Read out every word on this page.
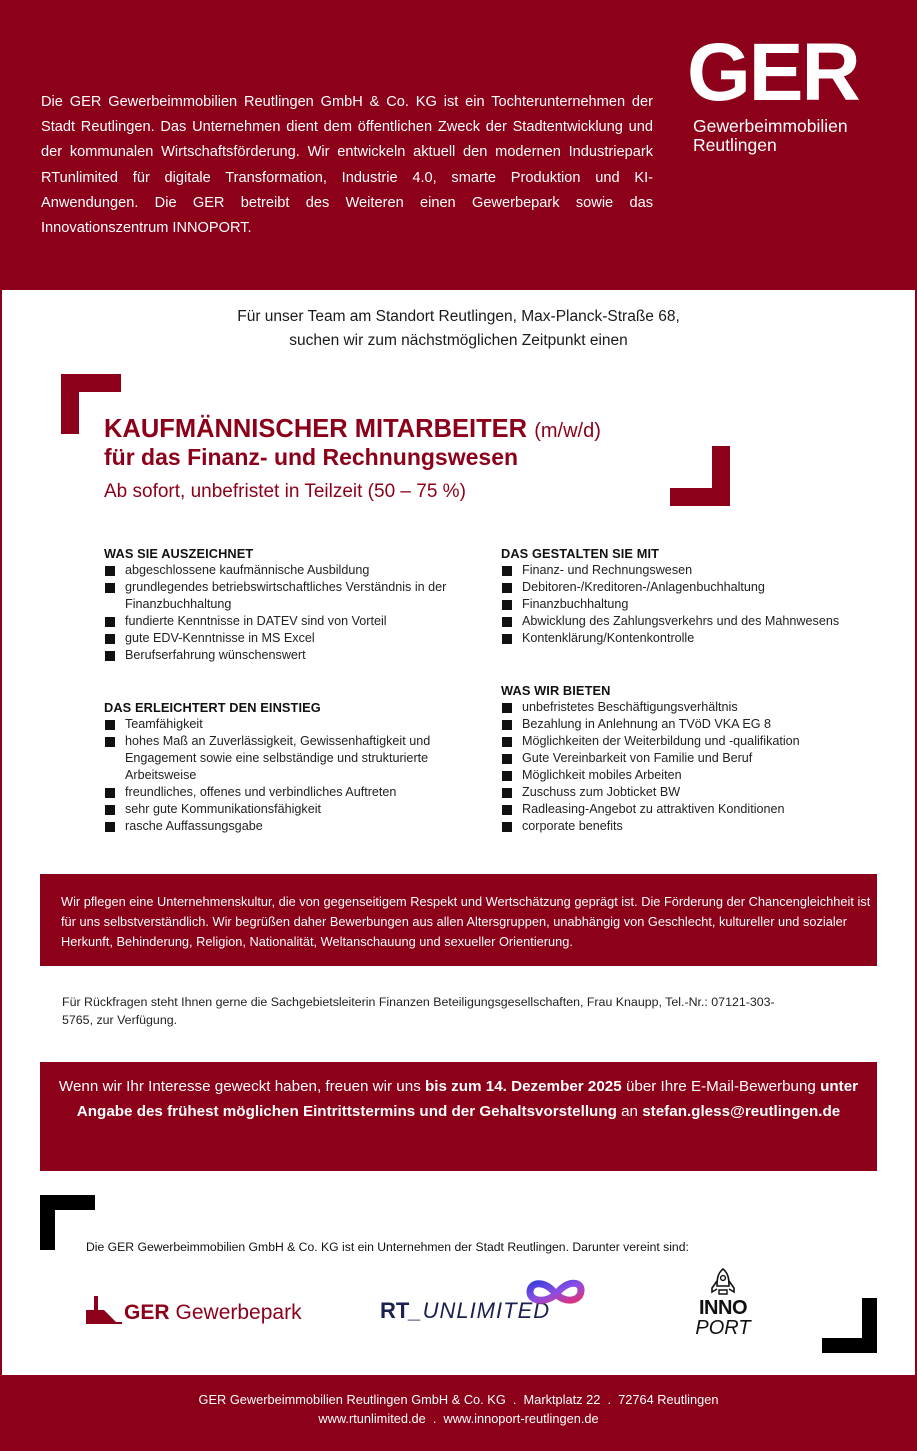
Die GER Gewerbeimmobilien Reutlingen GmbH & Co. KG ist ein Tochterunternehmen der Stadt Reutlingen. Das Unternehmen dient dem öffentlichen Zweck der Stadtentwicklung und der kommunalen Wirtschaftsförderung. Wir entwickeln aktuell den modernen Industriepark RTunlimited für digitale Transformation, Industrie 4.0, smarte Produktion und KI-Anwendungen. Die GER betreibt des Weiteren einen Gewerbepark sowie das Innovationszentrum INNOPORT.

GER
Gewerbeimmobilien
Reutlingen
Für unser Team am Standort Reutlingen, Max-Planck-Straße 68,
suchen wir zum nächstmöglichen Zeitpunkt einen
KAUFMÄNNISCHER MITARBEITER (m/w/d)
für das Finanz- und Rechnungswesen
Ab sofort, unbefristet in Teilzeit (50 – 75 %)
WAS SIE AUSZEICHNET
abgeschlossene kaufmännische Ausbildung
grundlegendes betriebswirtschaftliches Verständnis in der Finanzbuchhaltung
fundierte Kenntnisse in DATEV sind von Vorteil
gute EDV-Kenntnisse in MS Excel
Berufserfahrung wünschenswert
DAS ERLEICHTERT DEN EINSTIEG
Teamfähigkeit
hohes Maß an Zuverlässigkeit, Gewissenhaftigkeit und Engagement sowie eine selbständige und strukturierte Arbeitsweise
freundliches, offenes und verbindliches Auftreten
sehr gute Kommunikationsfähigkeit
rasche Auffassungsgabe
DAS GESTALTEN SIE MIT
Finanz- und Rechnungswesen
Debitoren-/Kreditoren-/Anlagenbuchhaltung
Finanzbuchhaltung
Abwicklung des Zahlungsverkehrs und des Mahnwesens
Kontenklärung/Kontenkontrolle
WAS WIR BIETEN
unbefristetes Beschäftigungsverhältnis
Bezahlung in Anlehnung an TVöD VKA EG 8
Möglichkeiten der Weiterbildung und -qualifikation
Gute Vereinbarkeit von Familie und Beruf
Möglichkeit mobiles Arbeiten
Zuschuss zum Jobticket BW
Radleasing-Angebot zu attraktiven Konditionen
corporate benefits

Wir pflegen eine Unternehmenskultur, die von gegenseitigem Respekt und Wertschätzung geprägt ist. Die Förderung der Chancengleichheit ist für uns selbstverständlich. Wir begrüßen daher Bewerbungen aus allen Altersgruppen, unabhängig von Geschlecht, kultureller und sozialer Herkunft, Behinderung, Religion, Nationalität, Weltanschauung und sexueller Orientierung.

Für Rückfragen steht Ihnen gerne die Sachgebietsleiterin Finanzen Beteiligungsgesellschaften, Frau Knaupp, Tel.-Nr.: 07121-303-5765, zur Verfügung.

Wenn wir Ihr Interesse geweckt haben, freuen wir uns bis zum 14. Dezember 2025 über Ihre E-Mail-Bewerbung unter Angabe des frühest möglichen Eintrittstermins und der Gehaltsvorstellung an stefan.gless@reutlingen.de

Die GER Gewerbeimmobilien GmbH & Co. KG ist ein Unternehmen der Stadt Reutlingen. Darunter vereint sind:
GER Gewerbepark	RT_UNLIMITED	INNO
PORT
GER Gewerbeimmobilien Reutlingen GmbH & Co. KG  .  Marktplatz 22  .  72764 Reutlingen
www.rtunlimited.de  .  www.innoport-reutlingen.de
